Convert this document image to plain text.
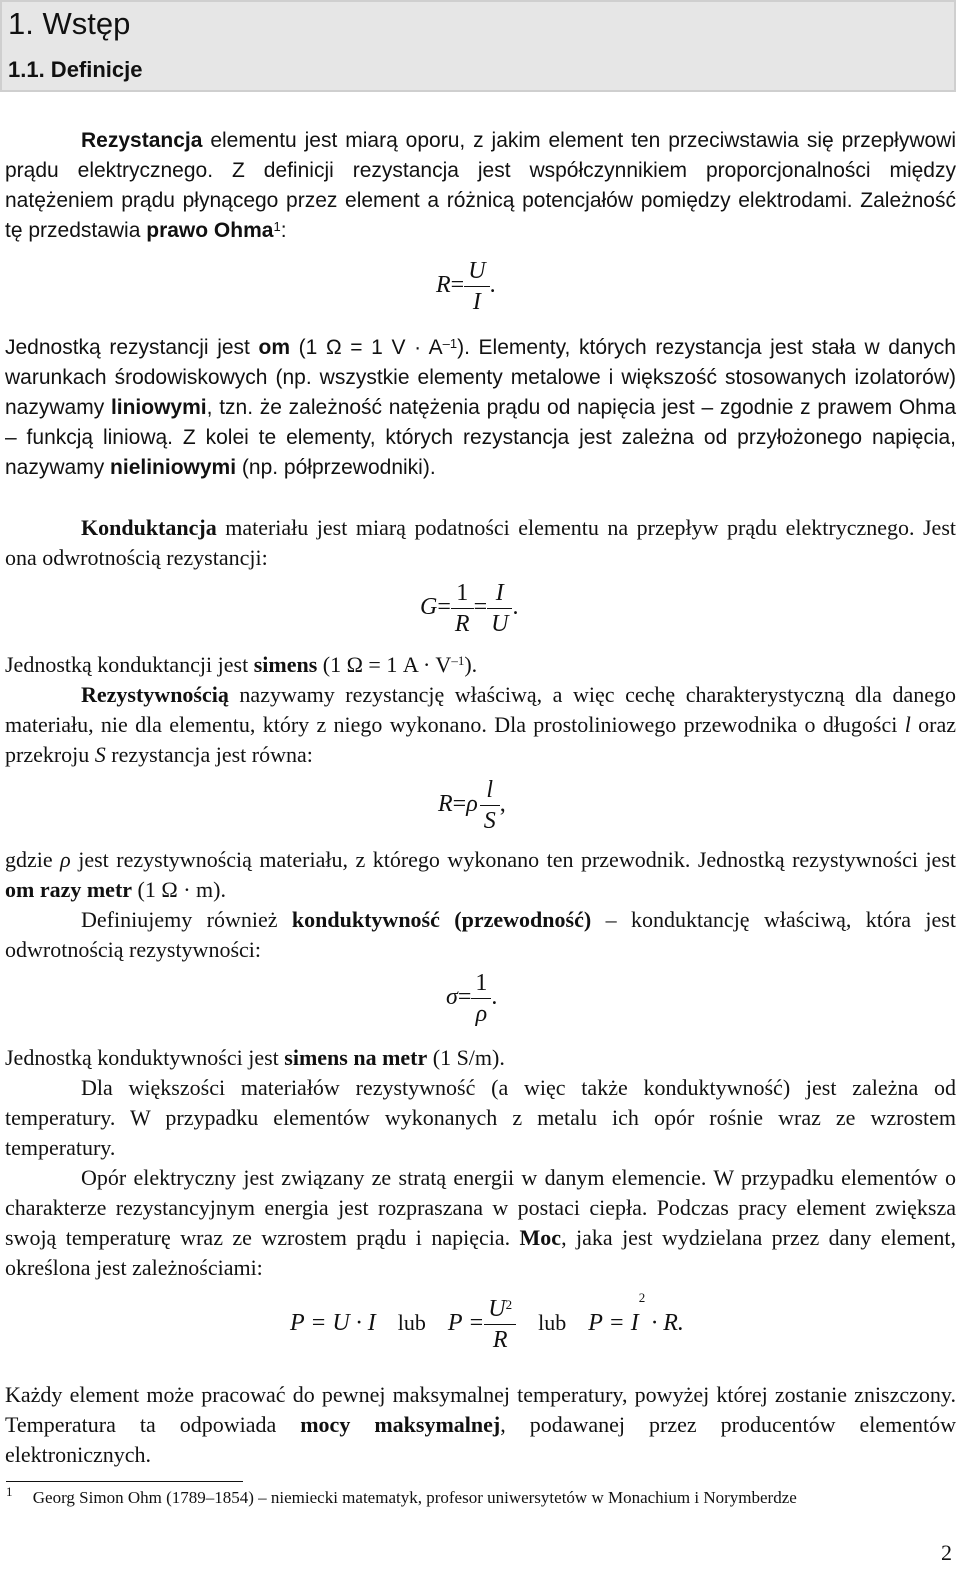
1. Wstęp
1.1. Definicje
Rezystancja elementu jest miarą oporu, z jakim element ten przeciwstawia się przepływowi prądu elektrycznego. Z definicji rezystancja jest współczynnikiem proporcjonalności między natężeniem prądu płynącego przez element a różnicą potencjałów pomiędzy elektrodami. Zależność tę przedstawia prawo Ohma$^1$:
$R= \frac{U}{I}$ .
Jednostką rezystancji jest om (1 Ω = 1 $V \cdot A^{-1}$). Elementy, których rezystancja jest stała w danych warunkach środowiskowych (np. wszystkie elementy metalowe i większość stosowanych izolatorów) nazywamy liniowymi, tzn. że zależność natężenia prądu od napięcia jest – zgodnie z prawem Ohma – funkcją liniową. Z kolei te elementy, których rezystancja jest zależna od przyłożonego napięcia, nazywamy nieliniowymi (np. półprzewodniki).
Konduktancja materiału jest miarą podatności elementu na przepływ prądu elektrycznego. Jest ona odwrotnością rezystancji:
$G= \frac{1}{R} = \frac{I}{U}$ .
Jednostką konduktancji jest simens (1 Ω = 1 $A \cdot V^{-1}$).
Rezystywnością nazywamy rezystancję właściwą, a więc cechę charakterystyczną dla danego materiału, nie dla elementu, który z niego wykonano. Dla prostoliniowego przewodnika o długości l oraz przekroju S rezystancja jest równa:
$R=\rho \frac{l}{S}$ ,
gdzie ρ jest rezystywnością materiału, z którego wykonano ten przewodnik. Jednostką rezystywności jest om razy metr (1 Ω · m).
Definiujemy również konduktywność (przewodność) – konduktancję właściwą, która jest odwrotnością rezystywności:
$\sigma= \frac{1}{\rho}$ .
Jednostką konduktywności jest simens na metr (1 S/m).
Dla większości materiałów rezystywność (a więc także konduktywność) jest zależna od temperatury. W przypadku elementów wykonanych z metalu ich opór rośnie wraz ze wzrostem temperatury.
Opór elektryczny jest związany ze stratą energii w danym elemencie. W przypadku elementów o charakterze rezystancyjnym energia jest rozpraszana w postaci ciepła. Podczas pracy element zwiększa swoją temperaturę wraz ze wzrostem prądu i napięcia. Moc, jaka jest wydzielana przez dany element, określona jest zależnościami:
P = U · I lub $P = \frac{U^2}{R}$ lub $P = I^2 \cdot R$.
Każdy element może pracować do pewnej maksymalnej temperatury, powyżej której zostanie zniszczony. Temperatura ta odpowiada mocy maksymalnej, podawanej przez producentów elementów elektronicznych.
$^1$ Georg Simon Ohm (1789–1854) – niemiecki matematyk, profesor uniwersytetów w Monachium i Norymberdze
2
